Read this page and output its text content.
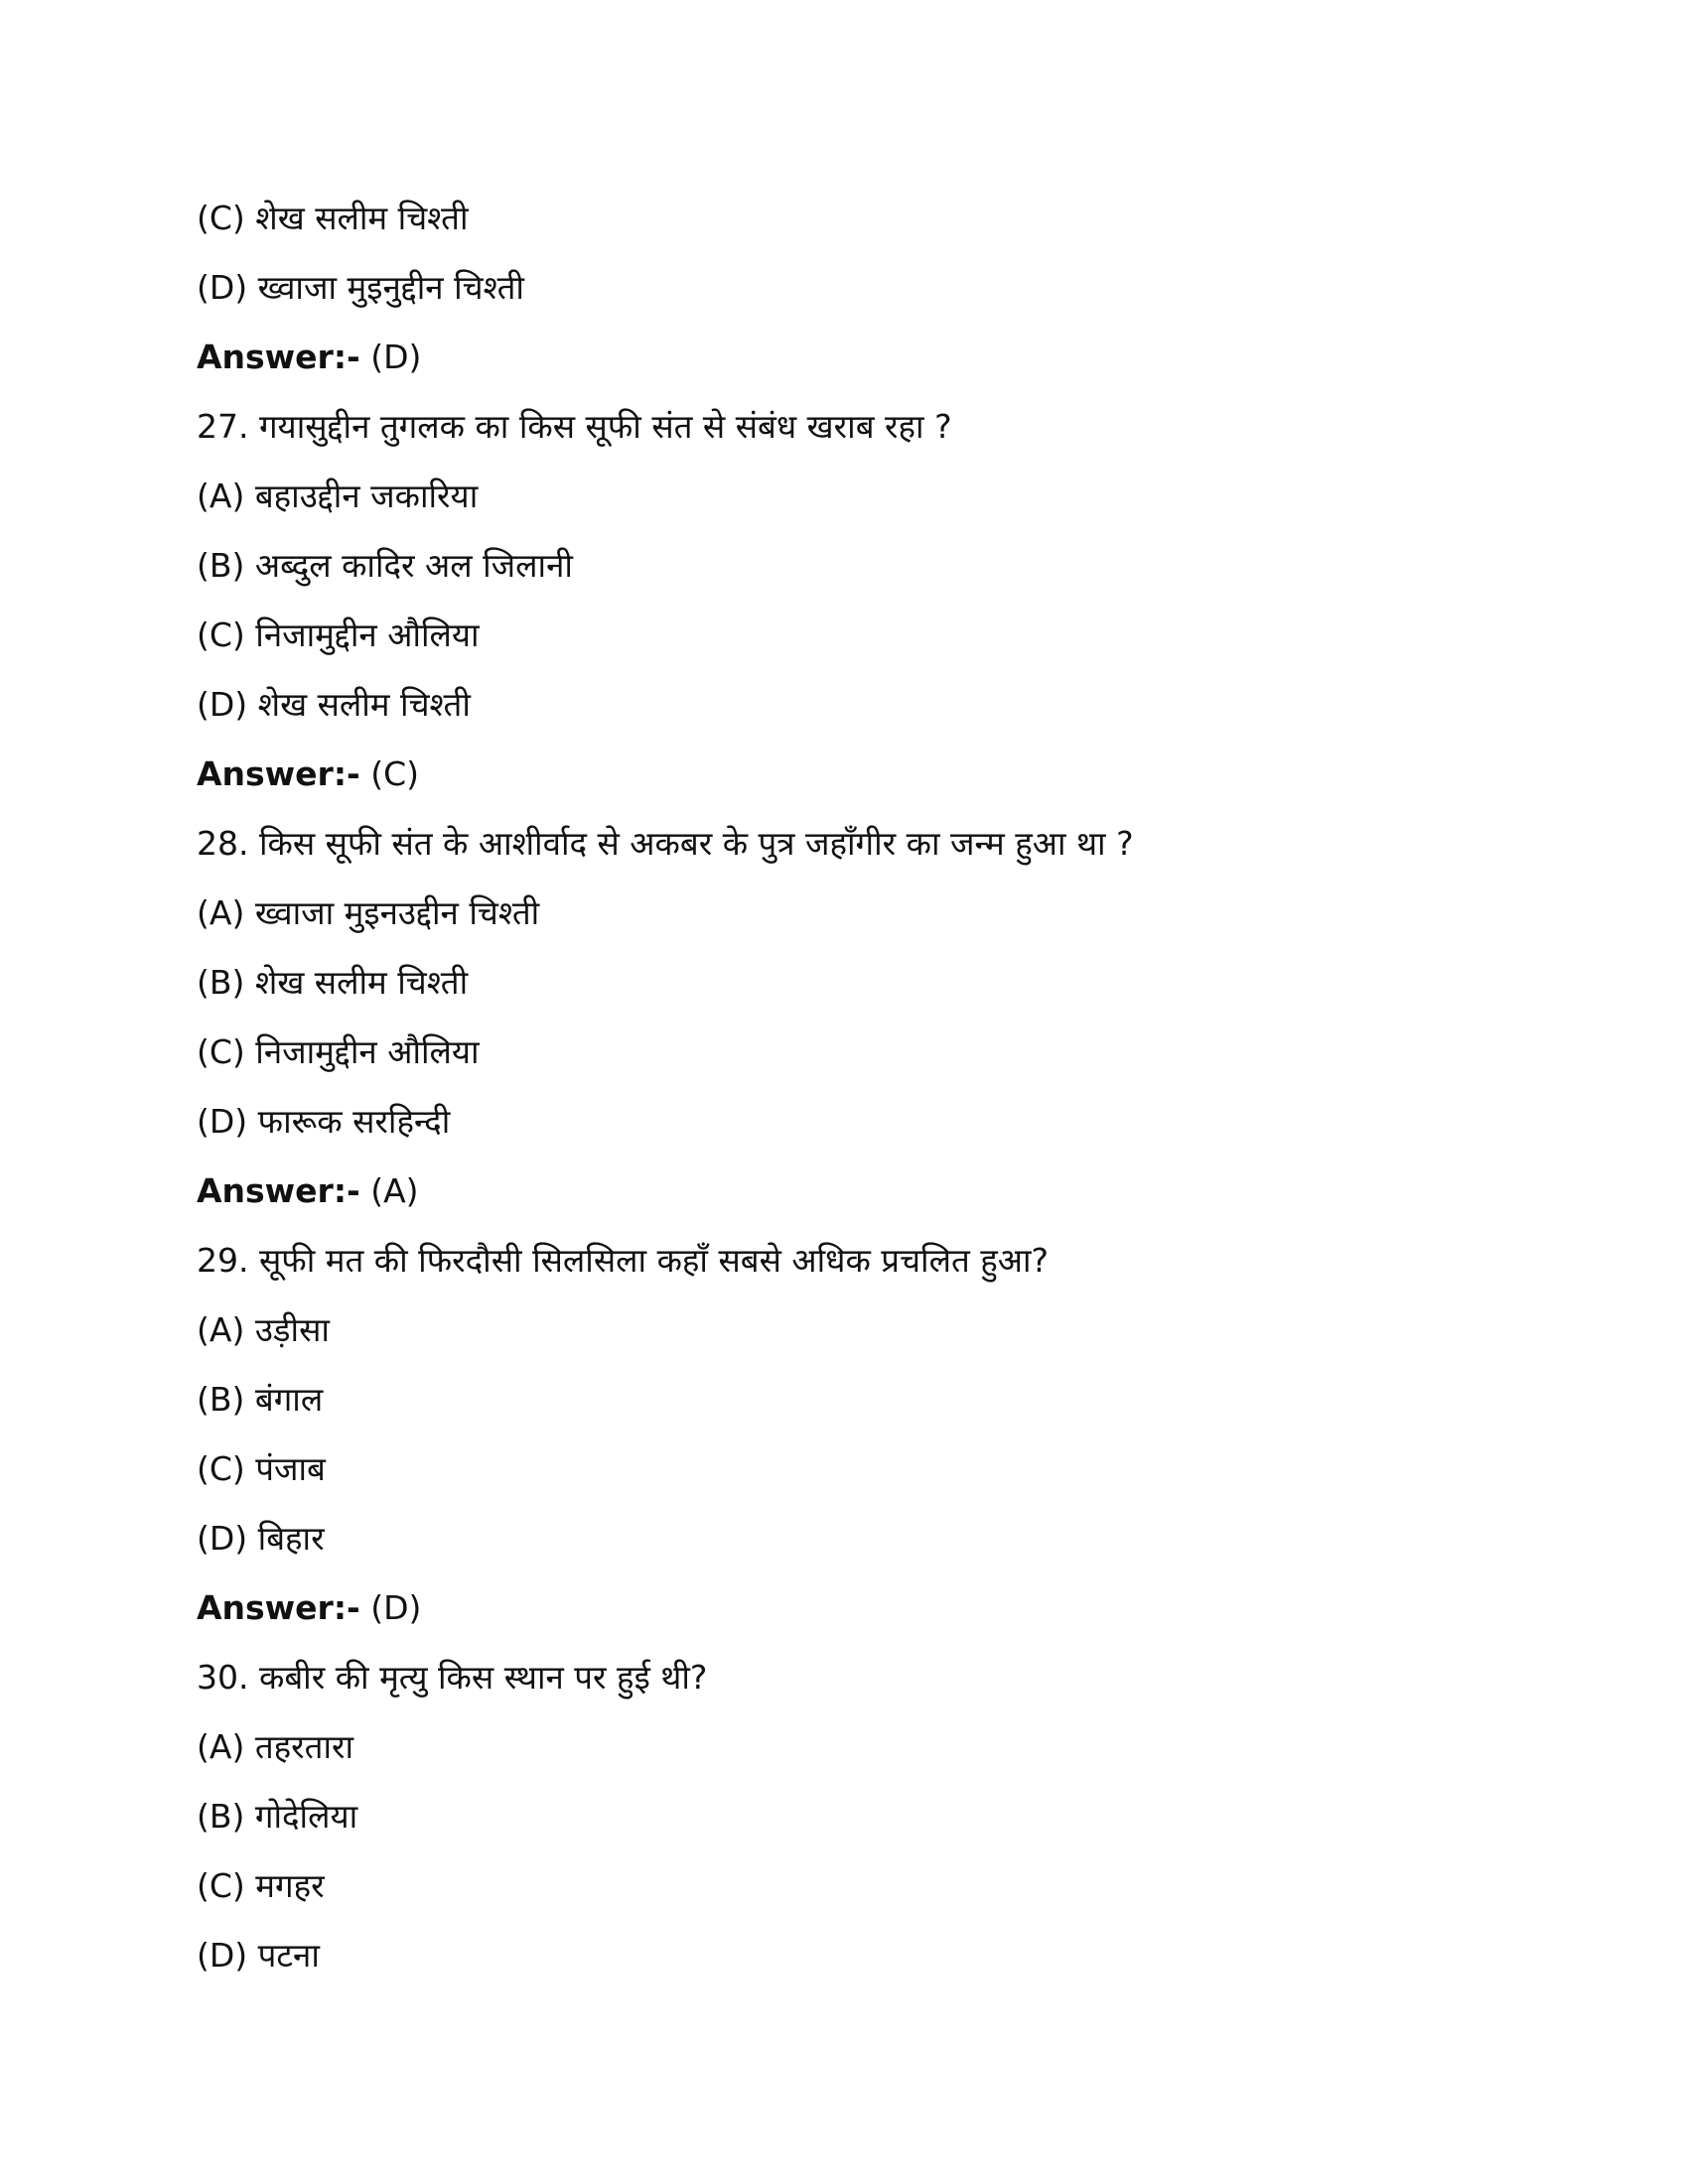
(C) शेख सलीम चिश्ती
(D) ख्वाजा मुइनुद्दीन चिश्ती
Answer:- (D)
27. गयासुद्दीन तुगलक का किस सूफी संत से संबंध खराब रहा ?
(A) बहाउद्दीन जकारिया
(B) अब्दुल कादिर अल जिलानी
(C) निजामुद्दीन औलिया
(D) शेख सलीम चिश्ती
Answer:- (C)
28. किस सूफी संत के आशीर्वाद से अकबर के पुत्र जहाँगीर का जन्म हुआ था ?
(A) ख्वाजा मुइनउद्दीन चिश्ती
(B) शेख सलीम चिश्ती
(C) निजामुद्दीन औलिया
(D) फारूक सरहिन्दी
Answer:- (A)
29. सूफी मत की फिरदौसी सिलसिला कहाँ सबसे अधिक प्रचलित हुआ?
(A) उड़ीसा
(B) बंगाल
(C) पंजाब
(D) बिहार
Answer:- (D)
30. कबीर की मृत्यु किस स्थान पर हुई थी?
(A) तहरतारा
(B) गोदेलिया
(C) मगहर
(D) पटना
